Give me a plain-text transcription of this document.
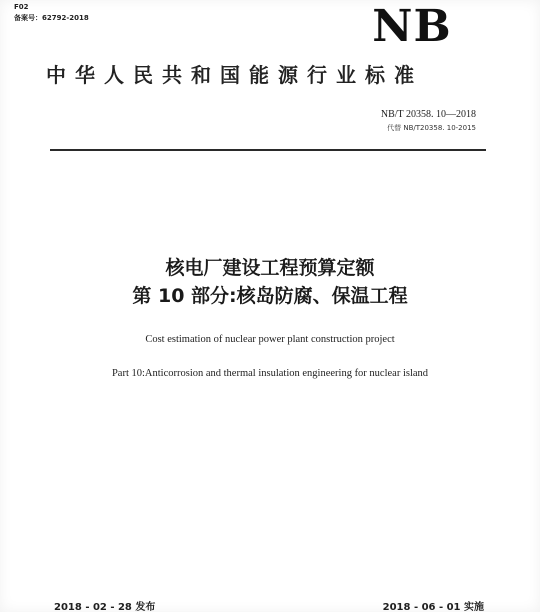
F02
备案号：62792-2018	NB
中华人民共和国能源行业标准
NB/T 20358. 10—2018
代替 NB/T20358. 10-2015
核电厂建设工程预算定额
第 10 部分:核岛防腐、保温工程
Cost estimation of nuclear power plant construction project
Part 10:Anticorrosion and thermal insulation engineering for nuclear island
2018 - 02 - 28 发布	2018 - 06 - 01 实施
